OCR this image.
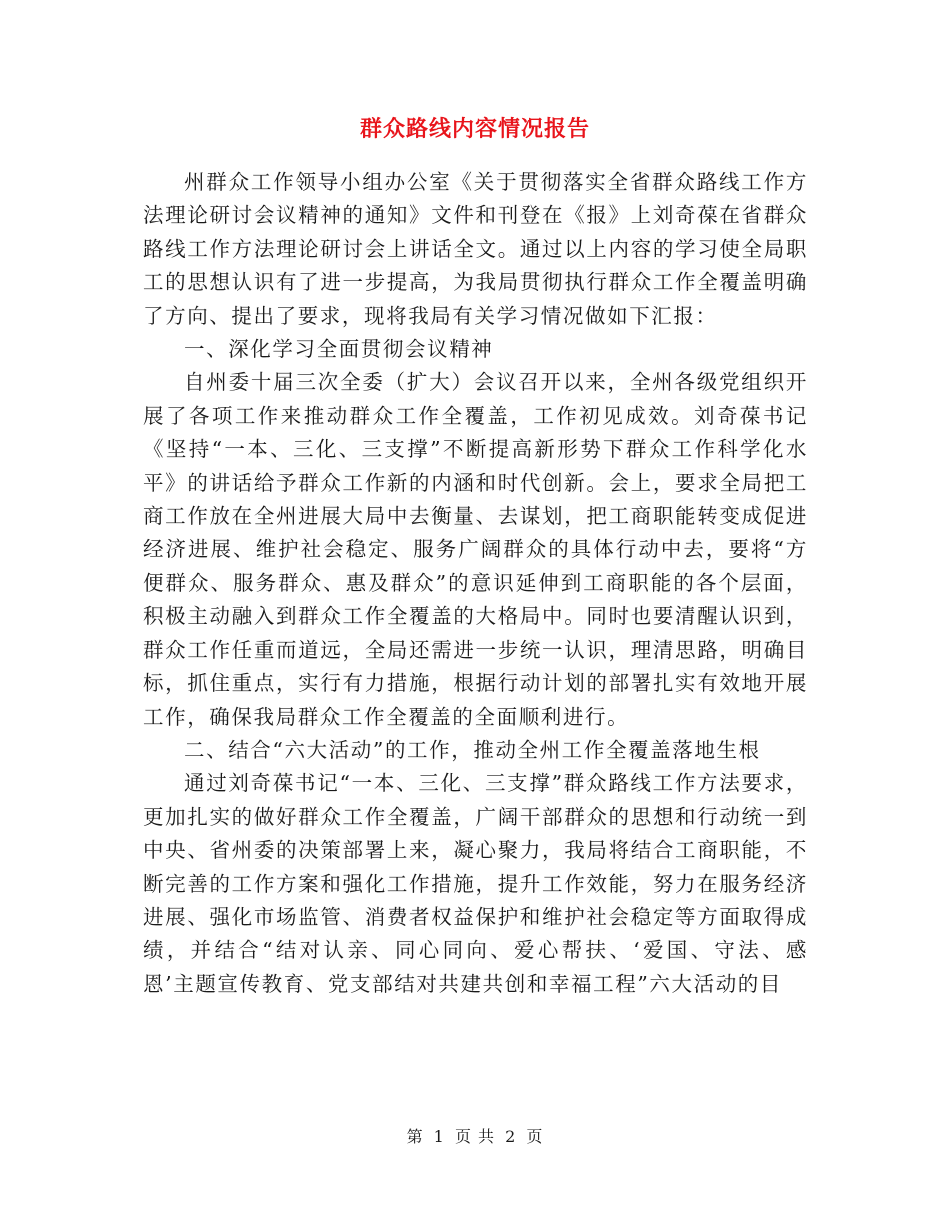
群众路线内容情况报告

州群众工作领导小组办公室《关于贯彻落实全省群众路线工作方法理论研讨会议精神的通知》文件和刊登在《报》上刘奇葆在省群众路线工作方法理论研讨会上讲话全文。通过以上内容的学习使全局职工的思想认识有了进一步提高，为我局贯彻执行群众工作全覆盖明确了方向、提出了要求，现将我局有关学习情况做如下汇报：

一、深化学习全面贯彻会议精神

自州委十届三次全委（扩大）会议召开以来，全州各级党组织开展了各项工作来推动群众工作全覆盖，工作初见成效。刘奇葆书记《坚持“一本、三化、三支撑”不断提高新形势下群众工作科学化水平》的讲话给予群众工作新的内涵和时代创新。会上，要求全局把工商工作放在全州进展大局中去衡量、去谋划，把工商职能转变成促进经济进展、维护社会稳定、服务广阔群众的具体行动中去，要将“方便群众、服务群众、惠及群众”的意识延伸到工商职能的各个层面，积极主动融入到群众工作全覆盖的大格局中。同时也要清醒认识到，群众工作任重而道远，全局还需进一步统一认识，理清思路，明确目标，抓住重点，实行有力措施，根据行动计划的部署扎实有效地开展工作，确保我局群众工作全覆盖的全面顺利进行。

二、结合“六大活动”的工作，推动全州工作全覆盖落地生根

通过刘奇葆书记“一本、三化、三支撑”群众路线工作方法要求，更加扎实的做好群众工作全覆盖，广阔干部群众的思想和行动统一到中央、省州委的决策部署上来，凝心聚力，我局将结合工商职能，不断完善的工作方案和强化工作措施，提升工作效能，努力在服务经济进展、强化市场监管、消费者权益保护和维护社会稳定等方面取得成绩，并结合“结对认亲、同心同向、爱心帮扶、‘爱国、守法、感恩’主题宣传教育、党支部结对共建共创和幸福工程”六大活动的目

第 1 页 共 2 页
